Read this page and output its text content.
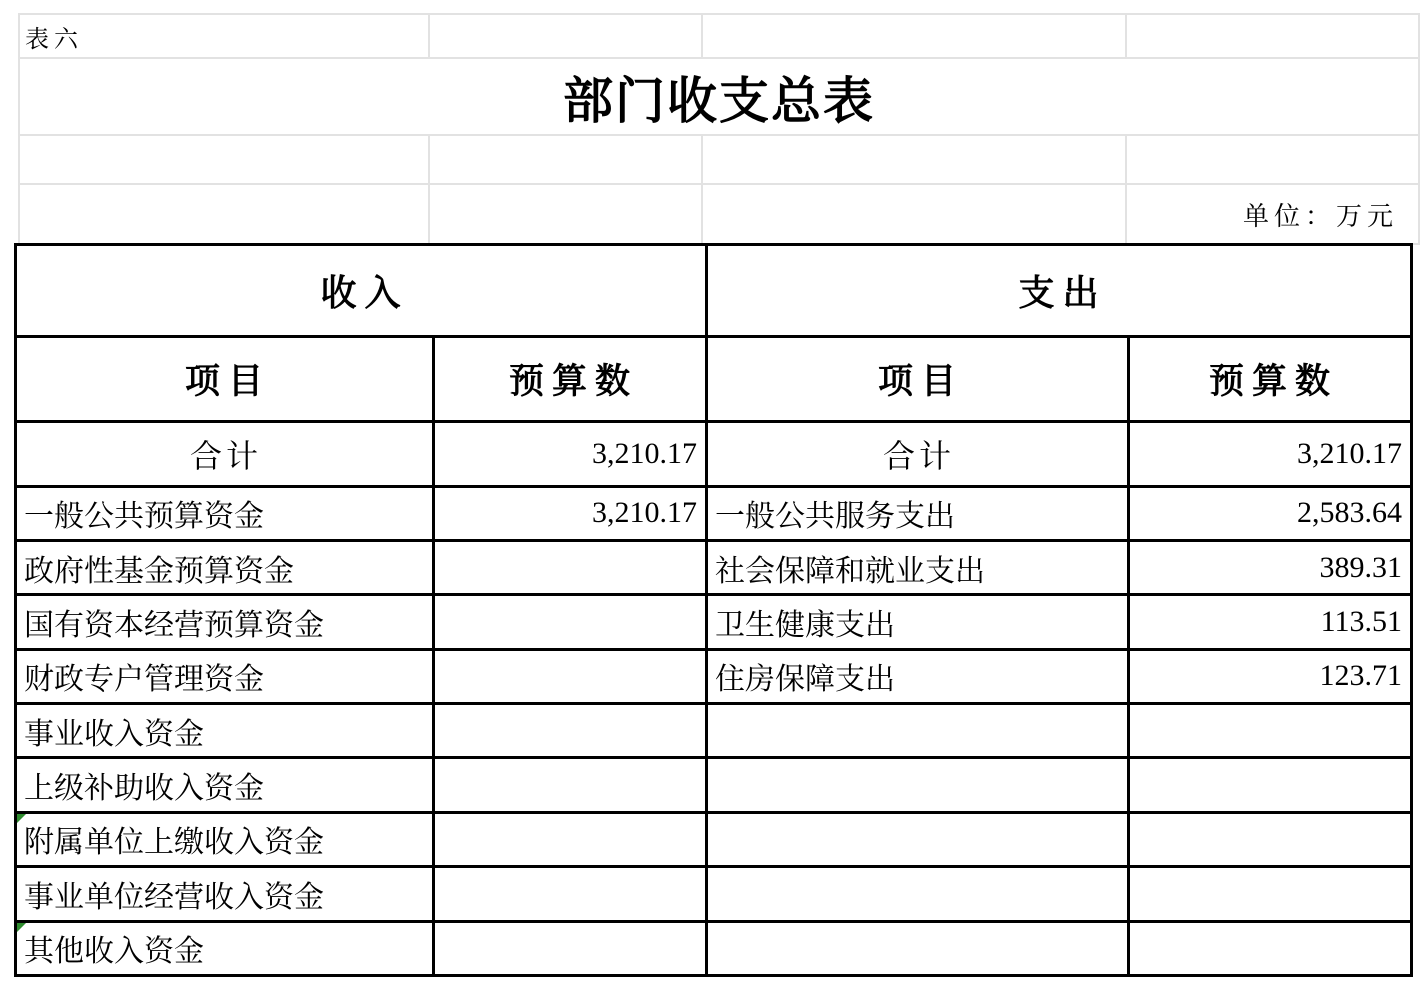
表六
部门收支总表
单位：万元
收入		支出	
项目	预算数	项目	预算数
合计	3,210.17	合计	3,210.17
一般公共预算资金	3,210.17	一般公共服务支出	2,583.64
政府性基金预算资金		社会保障和就业支出	389.31
国有资本经营预算资金		卫生健康支出	113.51
财政专户管理资金		住房保障支出	123.71
事业收入资金			
上级补助收入资金			

附属单位上缴收入资金			
事业单位经营收入资金			

其他收入资金			
